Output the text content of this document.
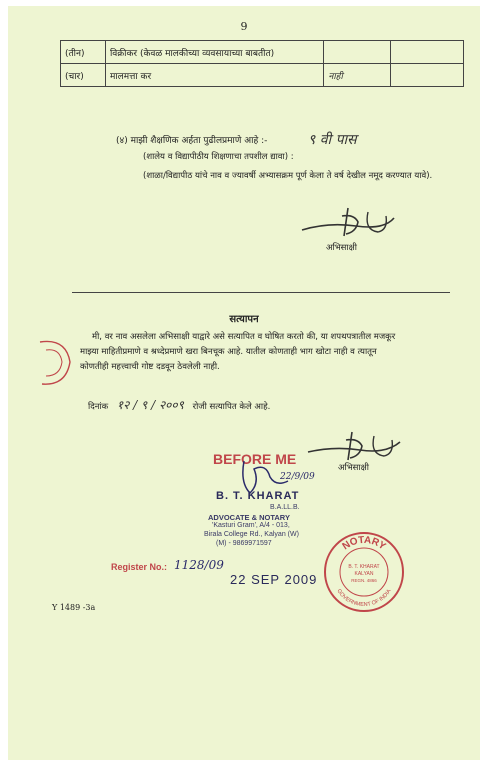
9
(तीन)	विक्रीकर (केवळ मालकीच्या व्यवसायाच्या बाबतीत)		
(चार)	मालमत्ता कर	नाही	
(४) माझी शैक्षणिक अर्हता पुढीलप्रमाणे आहे :-	९ वी पास
(शालेय व विद्यापीठीय शिक्षणाचा तपशील द्यावा) :
(शाळा/विद्यापीठ यांचे नाव व ज्यावर्षी अभ्यासक्रम पूर्ण केला ते वर्ष देखील नमूद करण्यात यावे).
अभिसाक्षी
सत्यापन
मी, वर नाव असलेला अभिसाक्षी याद्वारे असे सत्यापित व घोषित करतो की, या शपथपत्रातील मजकूर
माझ्या माहितीप्रमाणे व श्रध्देप्रमाणे खरा बिनचूक आहे. यातील कोणताही भाग खोटा नाही व त्यातून
कोणतीही महत्त्वाची गोष्ट दडवून ठेवलेली नाही.
दिनांक १२ / ९ / २००९ रोजी सत्यापित केले आहे.
अभिसाक्षी
BEFORE ME
22/9/09
B. T. KHARAT
B.A.LL.B.
ADVOCATE & NOTARY
'Kasturi Gram', A/4 - 013,
Birala College Rd., Kalyan (W)
(M) - 9869971597
Register No.: 1128/09
22 SEP 2009
NOTARY
GOVERNMENT OF INDIA
B. T. KHARAT
KALYAN
REGN. 4866
Y 1489 -3a
